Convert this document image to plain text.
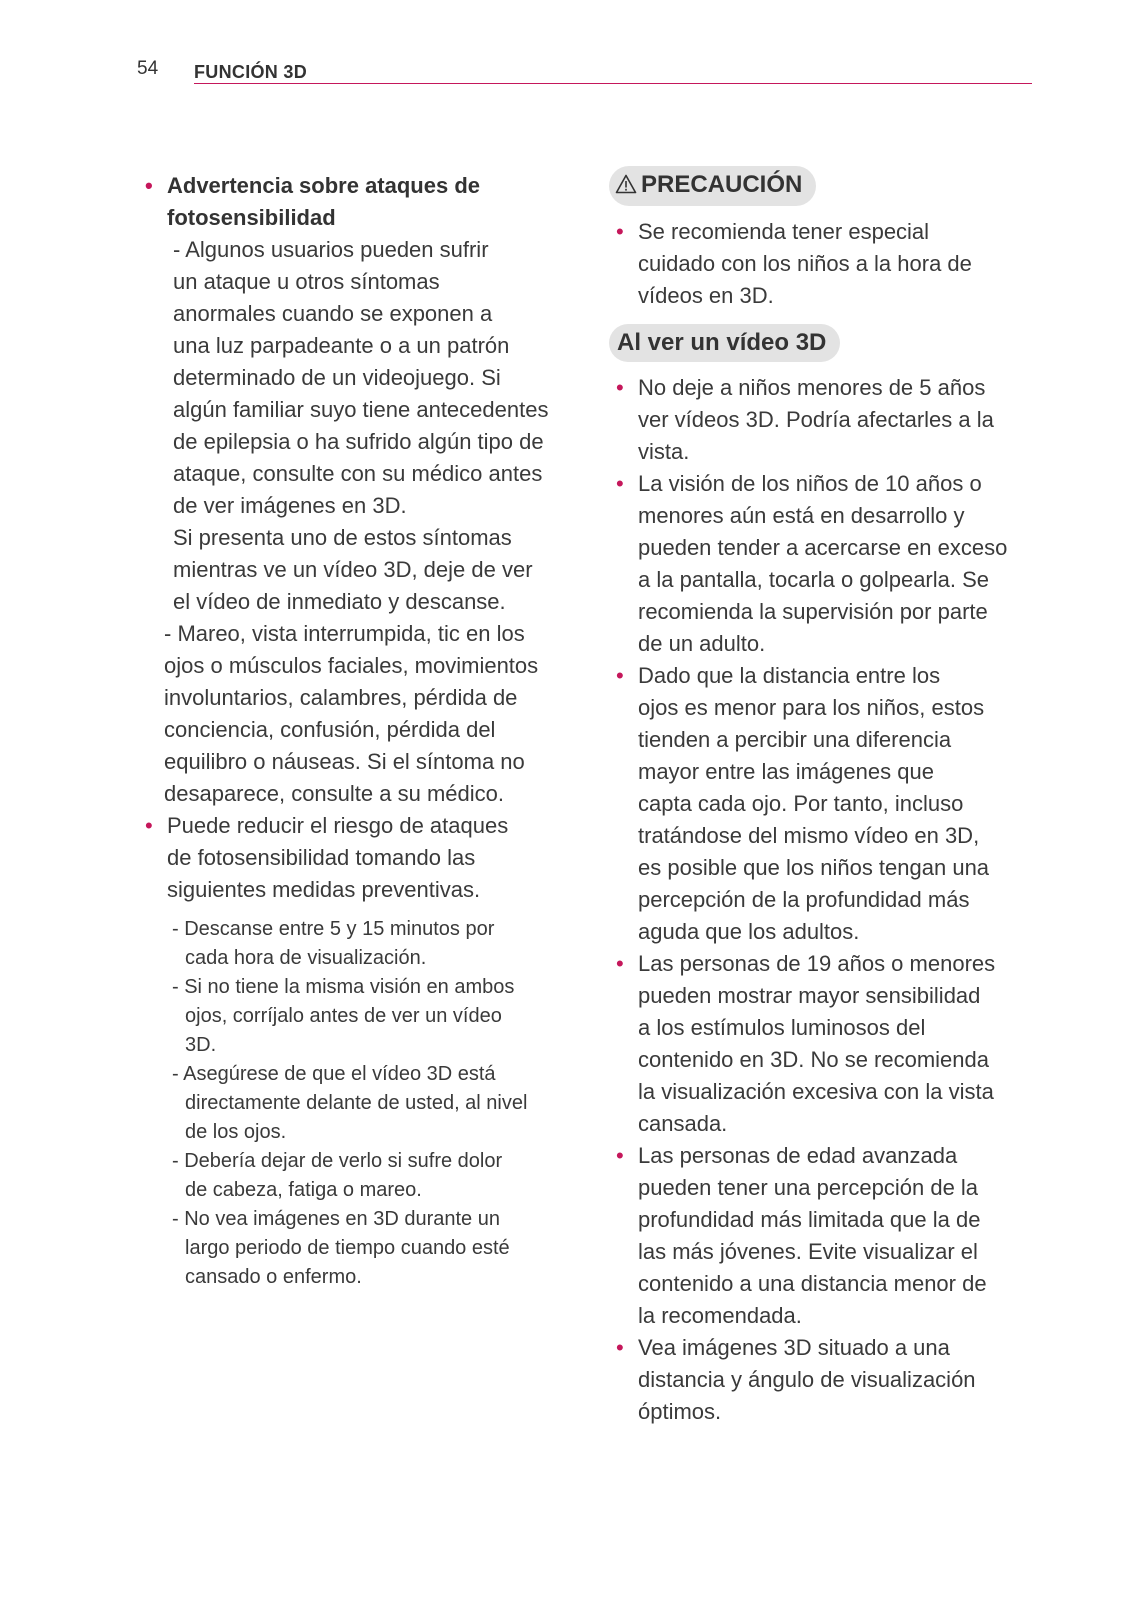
54 FUNCIÓN 3D
• Advertencia sobre ataques de
fotosensibilidad
- Algunos usuarios pueden sufrir
un ataque u otros síntomas
anormales cuando se exponen a
una luz parpadeante o a un patrón
determinado de un videojuego. Si
algún familiar suyo tiene antecedentes
de epilepsia o ha sufrido algún tipo de
ataque, consulte con su médico antes
de ver imágenes en 3D.
Si presenta uno de estos síntomas
mientras ve un vídeo 3D, deje de ver
el vídeo de inmediato y descanse.
- Mareo, vista interrumpida, tic en los
ojos o músculos faciales, movimientos
involuntarios, calambres, pérdida de
conciencia, confusión, pérdida del
equilibro o náuseas. Si el síntoma no
desaparece, consulte a su médico.
• Puede reducir el riesgo de ataques
de fotosensibilidad tomando las
siguientes medidas preventivas.
- Descanse entre 5 y 15 minutos por
cada hora de visualización.
- Si no tiene la misma visión en ambos
ojos, corríjalo antes de ver un vídeo
3D.
- Asegúrese de que el vídeo 3D está
directamente delante de usted, al nivel
de los ojos.
- Debería dejar de verlo si sufre dolor
de cabeza, fatiga o mareo.
- No vea imágenes en 3D durante un
largo periodo de tiempo cuando esté
cansado o enfermo.
PRECAUCIÓN
• Se recomienda tener especial
cuidado con los niños a la hora de
vídeos en 3D.
Al ver un vídeo 3D
• No deje a niños menores de 5 años
ver vídeos 3D. Podría afectarles a la
vista.
• La visión de los niños de 10 años o
menores aún está en desarrollo y
pueden tender a acercarse en exceso
a la pantalla, tocarla o golpearla. Se
recomienda la supervisión por parte
de un adulto.
• Dado que la distancia entre los
ojos es menor para los niños, estos
tienden a percibir una diferencia
mayor entre las imágenes que
capta cada ojo. Por tanto, incluso
tratándose del mismo vídeo en 3D,
es posible que los niños tengan una
percepción de la profundidad más
aguda que los adultos.
• Las personas de 19 años o menores
pueden mostrar mayor sensibilidad
a los estímulos luminosos del
contenido en 3D. No se recomienda
la visualización excesiva con la vista
cansada.
• Las personas de edad avanzada
pueden tener una percepción de la
profundidad más limitada que la de
las más jóvenes. Evite visualizar el
contenido a una distancia menor de
la recomendada.
• Vea imágenes 3D situado a una
distancia y ángulo de visualización
óptimos.
